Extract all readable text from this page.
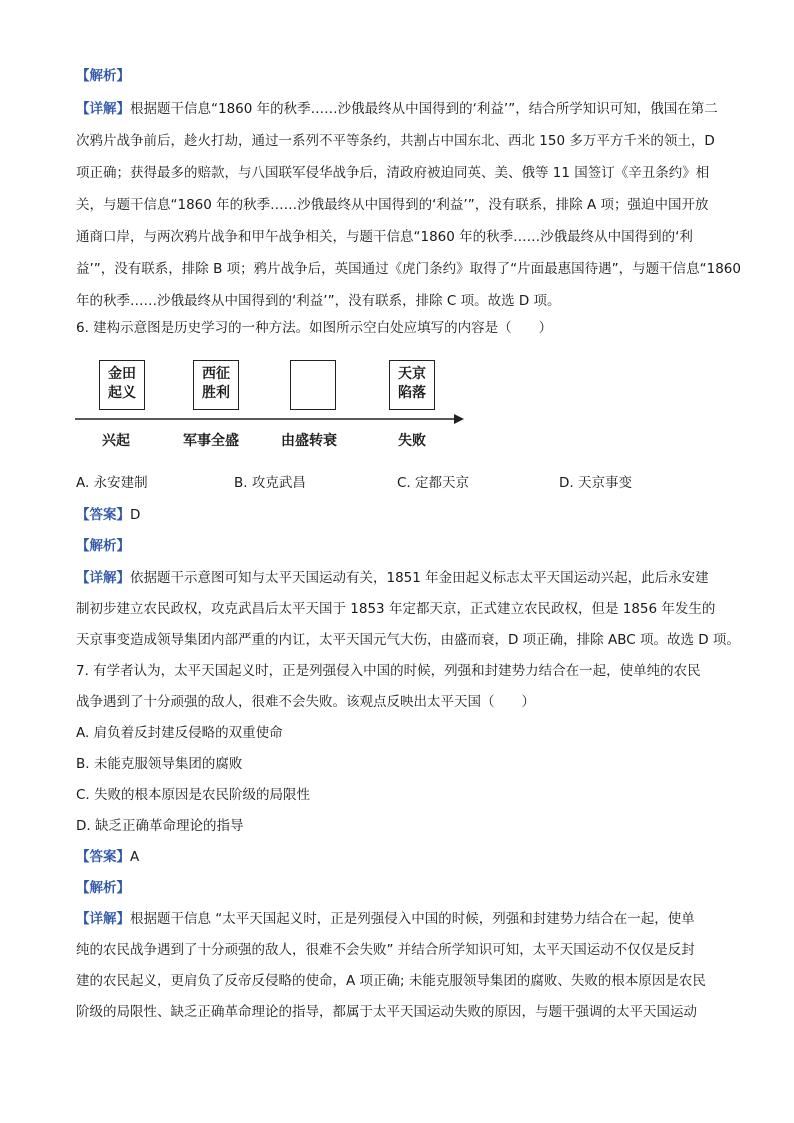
【解析】
【详解】根据题干信息“1860 年的秋季……沙俄最终从中国得到的‘利益’”，结合所学知识可知，俄国在第二
次鸦片战争前后，趁火打劫，通过一系列不平等条约，共割占中国东北、西北 150 多万平方千米的领土，D
项正确；获得最多的赔款，与八国联军侵华战争后，清政府被迫同英、美、俄等 11 国签订《辛丑条约》相
关，与题干信息“1860 年的秋季……沙俄最终从中国得到的‘利益’”，没有联系，排除 A 项；强迫中国开放
通商口岸，与两次鸦片战争和甲午战争相关，与题干信息“1860 年的秋季……沙俄最终从中国得到的‘利
益’”，没有联系，排除 B 项；鸦片战争后，英国通过《虎门条约》取得了“片面最惠国待遇”，与题干信息“1860
年的秋季……沙俄最终从中国得到的‘利益’”，没有联系，排除 C 项。故选 D 项。
6. 建构示意图是历史学习的一种方法。如图所示空白处应填写的内容是（　　）
金田
起义
西征
胜利
天京
陷落
兴起	军事全盛	由盛转衰	失败
A. 永安建制	B. 攻克武昌	C. 定都天京	D. 天京事变
【答案】D
【解析】
【详解】依据题干示意图可知与太平天国运动有关，1851 年金田起义标志太平天国运动兴起，此后永安建
制初步建立农民政权，攻克武昌后太平天国于 1853 年定都天京，正式建立农民政权，但是 1856 年发生的
天京事变造成领导集团内部严重的内讧，太平天国元气大伤，由盛而衰，D 项正确，排除 ABC 项。故选 D 项。
7. 有学者认为，太平天国起义时，正是列强侵入中国的时候，列强和封建势力结合在一起，使单纯的农民
战争遇到了十分顽强的敌人，很难不会失败。该观点反映出太平天国（　　）
A. 肩负着反封建反侵略的双重使命
B. 未能克服领导集团的腐败
C. 失败的根本原因是农民阶级的局限性
D. 缺乏正确革命理论的指导
【答案】A
【解析】
【详解】根据题干信息 “太平天国起义时，正是列强侵入中国的时候，列强和封建势力结合在一起，使单
纯的农民战争遇到了十分顽强的敌人，很难不会失败” 并结合所学知识可知，太平天国运动不仅仅是反封
建的农民起义，更肩负了反帝反侵略的使命，A 项正确; 未能克服领导集团的腐败、失败的根本原因是农民
阶级的局限性、缺乏正确革命理论的指导，都属于太平天国运动失败的原因，与题干强调的太平天国运动
